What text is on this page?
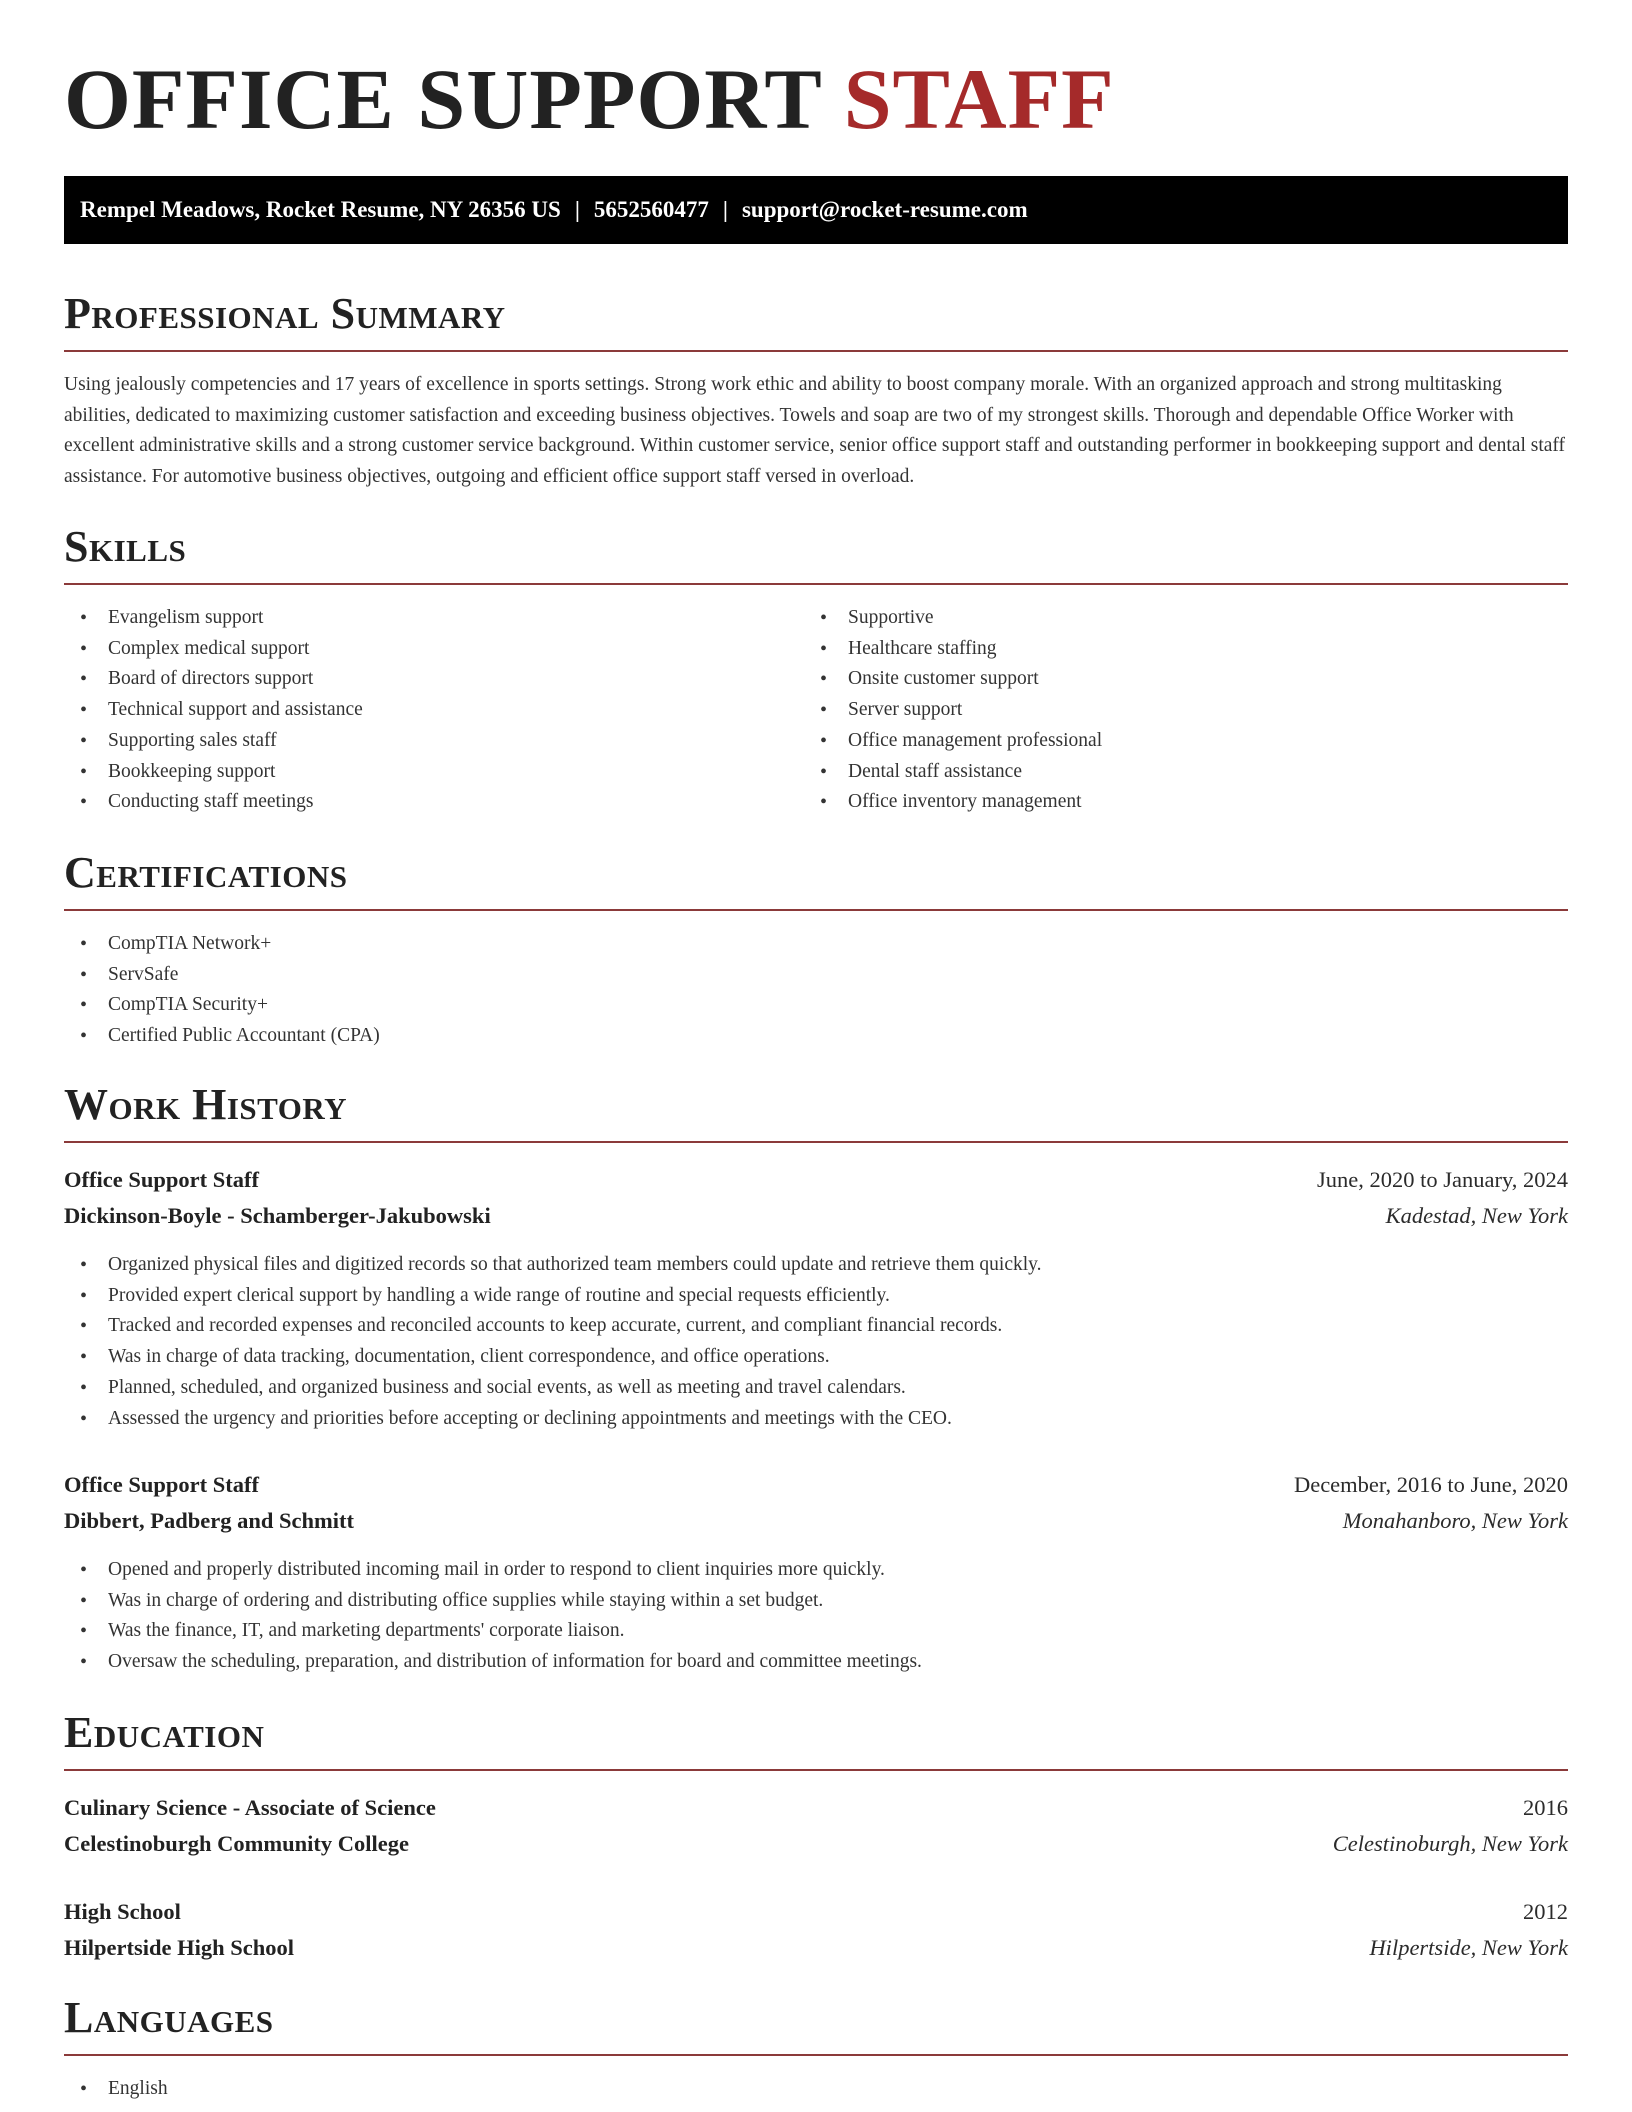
OFFICE SUPPORT STAFF
Rempel Meadows, Rocket Resume, NY 26356 US | 5652560477 | support@rocket-resume.com
Professional Summary

Using jealously competencies and 17 years of excellence in sports settings. Strong work ethic and ability to boost company morale. With an organized approach and strong multitasking abilities, dedicated to maximizing customer satisfaction and exceeding business objectives. Towels and soap are two of my strongest skills. Thorough and dependable Office Worker with excellent administrative skills and a strong customer service background. Within customer service, senior office support staff and outstanding performer in bookkeeping support and dental staff assistance. For automotive business objectives, outgoing and efficient office support staff versed in overload.

Skills
• Evangelism support
• Complex medical support
• Board of directors support
• Technical support and assistance
• Supporting sales staff
• Bookkeeping support
• Conducting staff meetings
• Supportive
• Healthcare staffing
• Onsite customer support
• Server support
• Office management professional
• Dental staff assistance
• Office inventory management
Certifications
• CompTIA Network+
• ServSafe
• CompTIA Security+
• Certified Public Accountant (CPA)
Work History
Office Support Staff	June, 2020 to January, 2024
Dickinson-Boyle - Schamberger-Jakubowski	Kadestad, New York
• Organized physical files and digitized records so that authorized team members could update and retrieve them quickly.
• Provided expert clerical support by handling a wide range of routine and special requests efficiently.
• Tracked and recorded expenses and reconciled accounts to keep accurate, current, and compliant financial records.
• Was in charge of data tracking, documentation, client correspondence, and office operations.
• Planned, scheduled, and organized business and social events, as well as meeting and travel calendars.
• Assessed the urgency and priorities before accepting or declining appointments and meetings with the CEO.
Office Support Staff	December, 2016 to June, 2020
Dibbert, Padberg and Schmitt	Monahanboro, New York
• Opened and properly distributed incoming mail in order to respond to client inquiries more quickly.
• Was in charge of ordering and distributing office supplies while staying within a set budget.
• Was the finance, IT, and marketing departments' corporate liaison.
• Oversaw the scheduling, preparation, and distribution of information for board and committee meetings.
Education
Culinary Science - Associate of Science	2016
Celestinoburgh Community College	Celestinoburgh, New York
High School	2012
Hilpertside High School	Hilpertside, New York
Languages
• English
